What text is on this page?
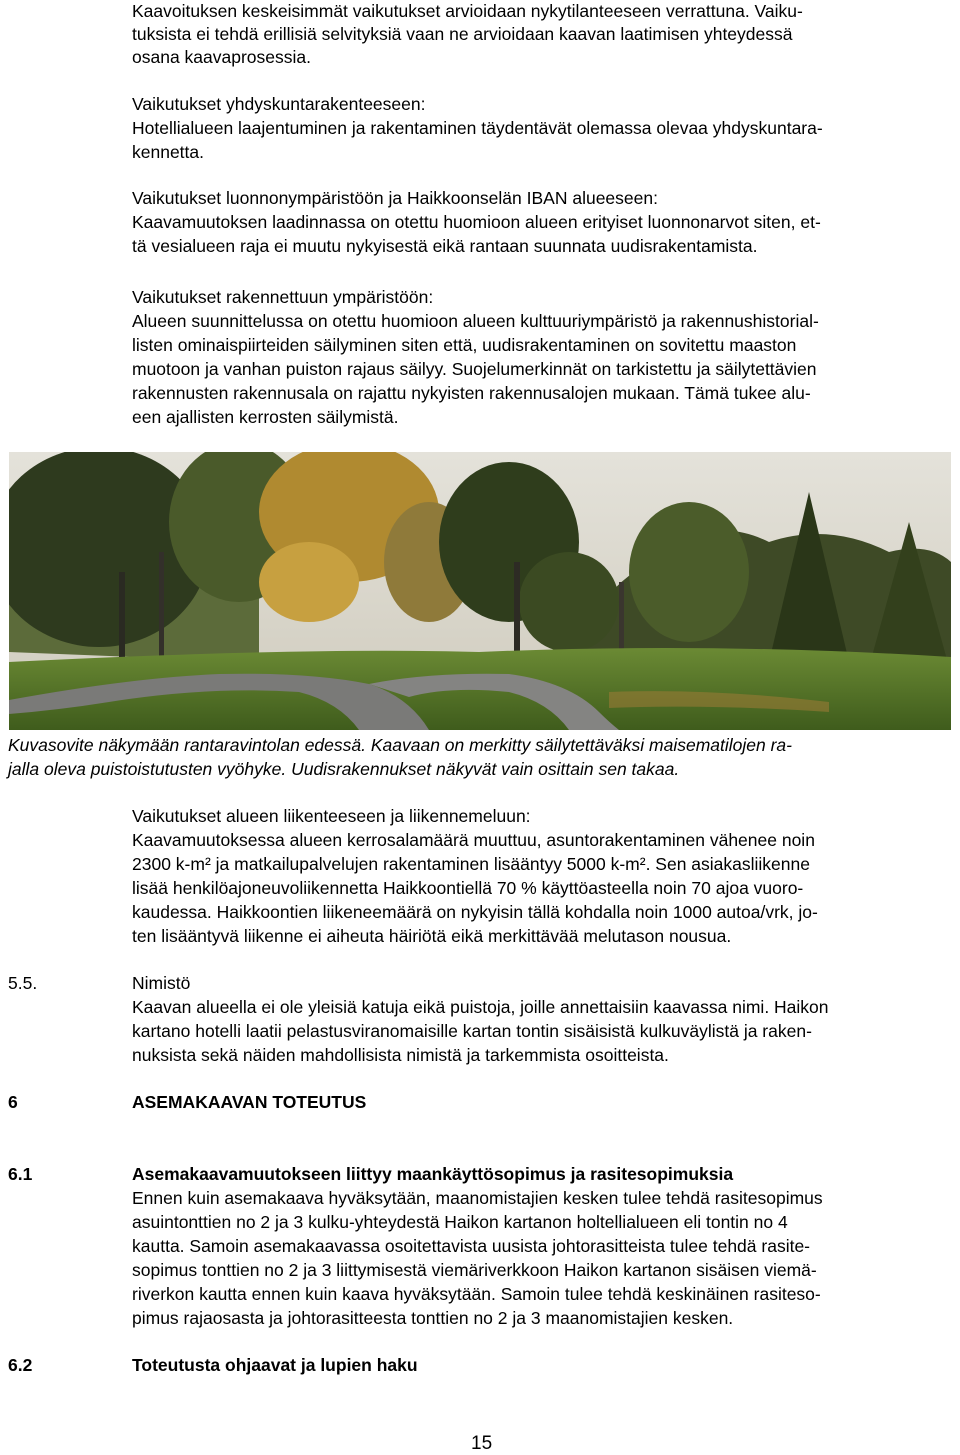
Kaavoituksen keskeisimmät vaikutukset arvioidaan nykytilanteeseen verrattuna. Vaiku-
tuksista ei tehdä erillisiä selvityksiä vaan ne arvioidaan kaavan laatimisen yhteydessä
osana kaavaprosessia.
Vaikutukset yhdyskuntarakenteeseen:
Hotellialueen laajentuminen ja rakentaminen täydentävät olemassa olevaa yhdyskuntara-
kennetta.
Vaikutukset luonnonympäristöön ja Haikkoonselän IBAN alueeseen:
Kaavamuutoksen laadinnassa on otettu huomioon alueen erityiset luonnonarvot siten, et-
tä vesialueen raja ei muutu nykyisestä eikä rantaan suunnata uudisrakentamista.
Vaikutukset rakennettuun ympäristöön:
Alueen suunnittelussa on otettu huomioon alueen kulttuuriympäristö ja rakennushistorial-
listen ominaispiirteiden säilyminen siten että, uudisrakentaminen on sovitettu maaston
muotoon ja vanhan puiston rajaus säilyy. Suojelumerkinnät on tarkistettu ja säilytettävien
rakennusten rakennusala on rajattu nykyisten rakennusalojen mukaan. Tämä tukee alu-
een ajallisten kerrosten säilymistä.
Kuvasovite näkymään rantaravintolan edessä. Kaavaan on merkitty säilytettäväksi maisematilojen ra-
jalla oleva puistoistutusten vyöhyke. Uudisrakennukset näkyvät vain osittain sen takaa.
Vaikutukset alueen liikenteeseen ja liikennemeluun:
Kaavamuutoksessa alueen kerrosalamäärä muuttuu, asuntorakentaminen vähenee noin
2300 k-m² ja matkailupalvelujen rakentaminen lisääntyy 5000 k-m². Sen asiakasliikenne
lisää henkilöajoneuvoliikennetta Haikkoontiellä 70 % käyttöasteella noin 70 ajoa vuoro-
kaudessa. Haikkoontien liikeneemäärä on nykyisin tällä kohdalla noin 1000 autoa/vrk, jo-
ten lisääntyvä liikenne ei aiheuta häiriötä eikä merkittävää melutason nousua.
5.5.	Nimistö
Kaavan alueella ei ole yleisiä katuja eikä puistoja, joille annettaisiin kaavassa nimi. Haikon
kartano hotelli laatii pelastusviranomaisille kartan tontin sisäisistä kulkuväylistä ja raken-
nuksista sekä näiden mahdollisista nimistä ja tarkemmista osoitteista.
6	ASEMAKAAVAN TOTEUTUS
6.1	Asemakaavamuutokseen liittyy maankäyttösopimus ja rasitesopimuksia
Ennen kuin asemakaava hyväksytään, maanomistajien kesken tulee tehdä rasitesopimus
asuintonttien no 2 ja 3 kulku-yhteydestä Haikon kartanon holtellialueen eli tontin no 4
kautta. Samoin asemakaavassa osoitettavista uusista johtorasitteista tulee tehdä rasite-
sopimus tonttien no 2 ja 3 liittymisestä viemäriverkkoon Haikon kartanon sisäisen viemä-
riverkon kautta ennen kuin kaava hyväksytään. Samoin tulee tehdä keskinäinen rasiteso-
pimus rajaosasta ja johtorasitteesta tonttien no 2 ja 3 maanomistajien kesken.
6.2	Toteutusta ohjaavat ja lupien haku
15
